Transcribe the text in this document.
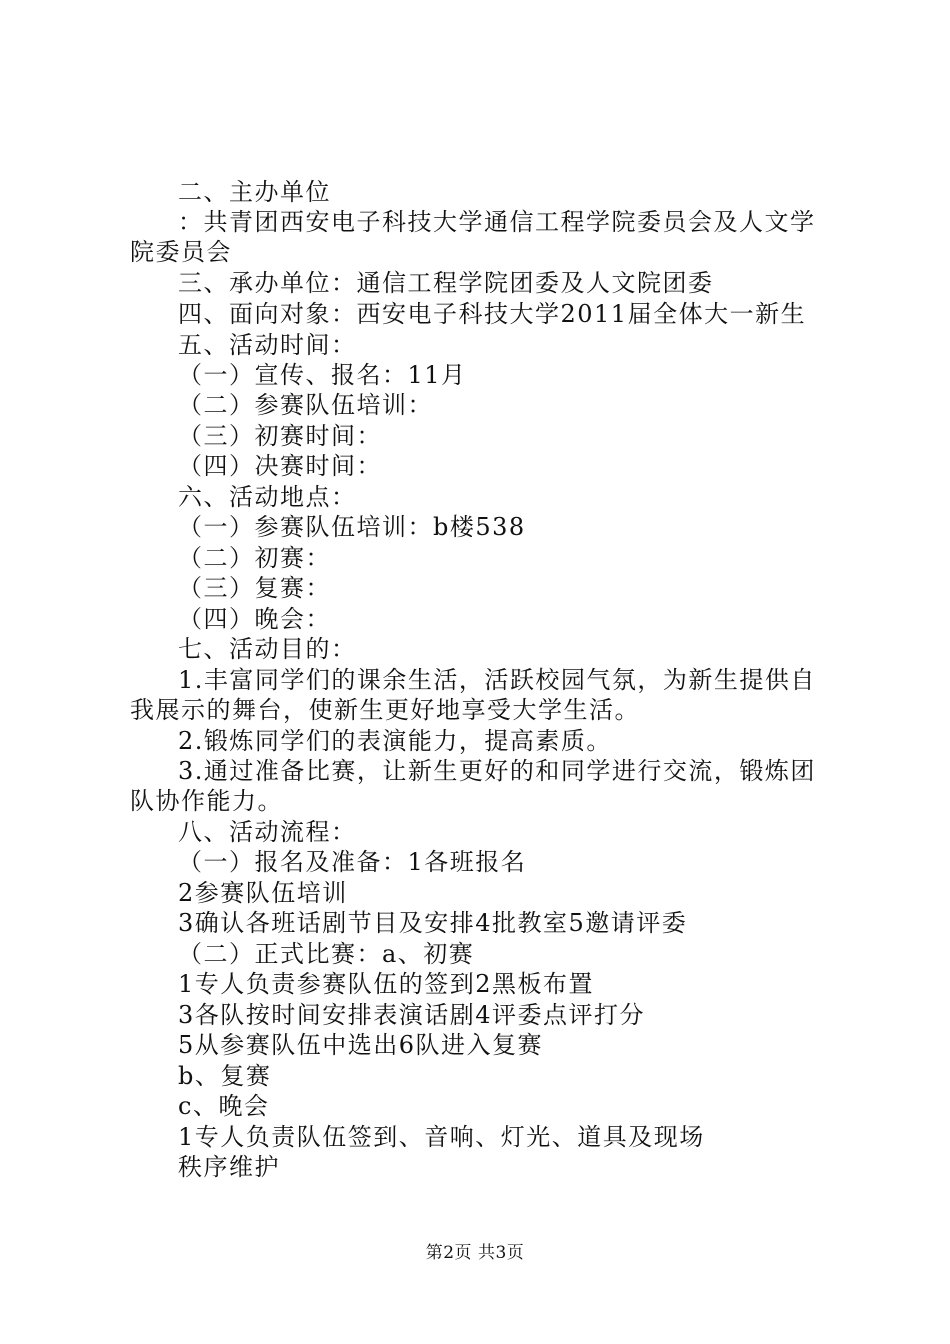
二、主办单位
：共青团西安电子科技大学通信工程学院委员会及人文学
院委员会
三、承办单位：通信工程学院团委及人文院团委
四、面向对象：西安电子科技大学2011届全体大一新生
五、活动时间：
（一）宣传、报名：11月
（二）参赛队伍培训：
（三）初赛时间：
（四）决赛时间：
六、活动地点：
（一）参赛队伍培训：b楼538
（二）初赛：
（三）复赛：
（四）晚会：
七、活动目的：
1.丰富同学们的课余生活，活跃校园气氛，为新生提供自
我展示的舞台，使新生更好地享受大学生活。
2.锻炼同学们的表演能力，提高素质。
3.通过准备比赛，让新生更好的和同学进行交流，锻炼团
队协作能力。
八、活动流程：
（一）报名及准备：1各班报名
2参赛队伍培训
3确认各班话剧节目及安排4批教室5邀请评委
（二）正式比赛：a、初赛
1专人负责参赛队伍的签到2黑板布置
3各队按时间安排表演话剧4评委点评打分
5从参赛队伍中选出6队进入复赛
b、复赛
c、晚会
1专人负责队伍签到、音响、灯光、道具及现场
秩序维护
第2页 共3页
